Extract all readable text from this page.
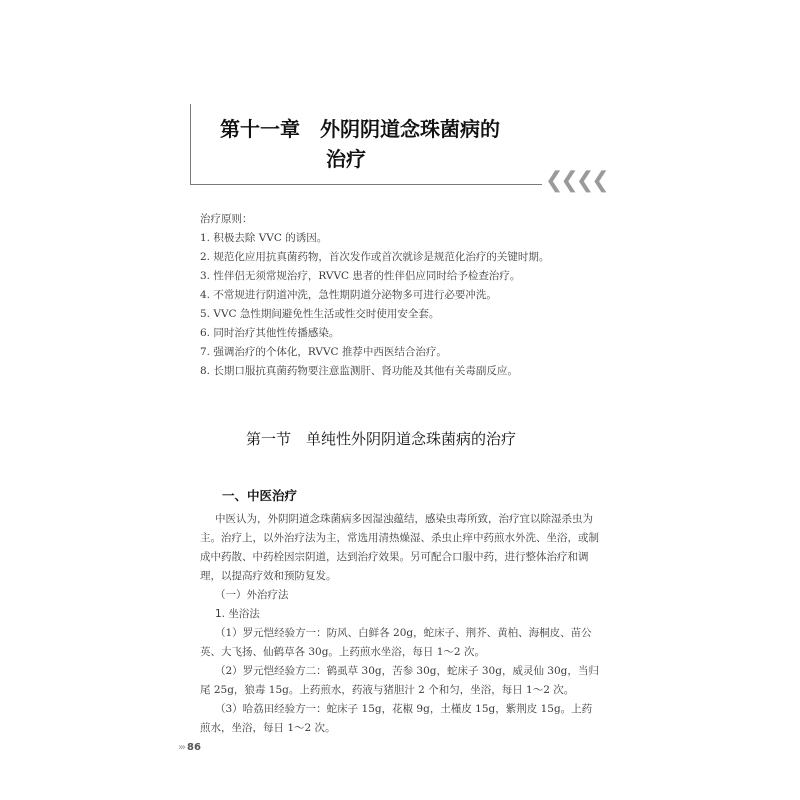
第十一章　外阴阴道念珠菌病的
治疗
❮❮❮❮

治疗原则：

1. 积极去除 VVC 的诱因。

2. 规范化应用抗真菌药物，首次发作或首次就诊是规范化治疗的关键时期。

3. 性伴侣无须常规治疗，RVVC 患者的性伴侣应同时给予检查治疗。

4. 不常规进行阴道冲洗，急性期阴道分泌物多可进行必要冲洗。

5. VVC 急性期间避免性生活或性交时使用安全套。

6. 同时治疗其他性传播感染。

7. 强调治疗的个体化，RVVC 推荐中西医结合治疗。

8. 长期口服抗真菌药物要注意监测肝、肾功能及其他有关毒副反应。

第一节　单纯性外阴阴道念珠菌病的治疗
一、中医治疗

中医认为，外阴阴道念珠菌病多因湿浊蕴结，感染虫毒所致，治疗宜以除湿杀虫为主。治疗上，以外治疗法为主，常选用清热燥湿、杀虫止痒中药煎水外洗、坐浴，或制成中药散、中药栓因宗阴道，达到治疗效果。另可配合口服中药，进行整体治疗和调理，以提高疗效和预防复发。

（一）外治疗法

1. 坐浴法

（1）罗元恺经验方一：防风、白鲜各 20g，蛇床子、荆芥、黄柏、海桐皮、苗公英、大飞扬、仙鹤草各 30g。上药煎水坐浴，每日 1～2 次。

（2）罗元恺经验方二：鹤虱草 30g，苦参 30g，蛇床子 30g，威灵仙 30g，当归尾 25g，狼毒 15g。上药煎水，药液与猪胆汁 2 个和匀，坐浴，每日 1～2 次。

（3）哈荔田经验方一：蛇床子 15g，花椒 9g，土槿皮 15g，紫荆皮 15g。上药煎水，坐浴，每日 1～2 次。

››› 86
